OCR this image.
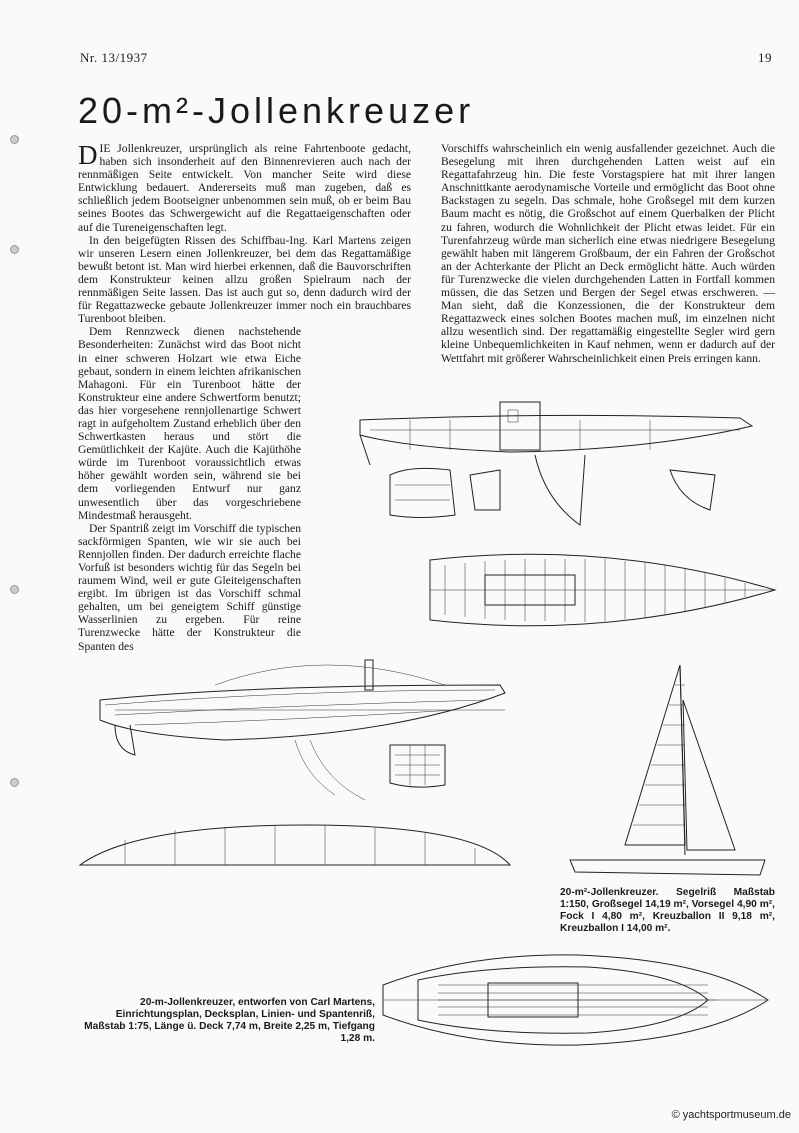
Nr. 13/1937	19
20-m²-Jollenkreuzer

DIE Jollenkreuzer, ursprünglich als reine Fahrtenboote gedacht, haben sich insonderheit auf den Binnenrevieren auch nach der rennmäßigen Seite entwickelt. Von mancher Seite wird diese Entwicklung bedauert. Andererseits muß man zugeben, daß es schließlich jedem Bootseigner unbenommen sein muß, ob er beim Bau seines Bootes das Schwergewicht auf die Regattaeigenschaften oder auf die Tureneigenschaften legt.

In den beigefügten Rissen des Schiffbau-Ing. Karl Martens zeigen wir unseren Lesern einen Jollenkreuzer, bei dem das Regattamäßige bewußt betont ist. Man wird hierbei erkennen, daß die Bauvorschriften dem Konstrukteur keinen allzu großen Spielraum nach der rennmäßigen Seite lassen. Das ist auch gut so, denn dadurch wird der für Regattazwecke gebaute Jollenkreuzer immer noch ein brauchbares Turenboot bleiben.

Dem Rennzweck dienen nachstehende Besonderheiten: Zunächst wird das Boot nicht in einer schweren Holzart wie etwa Eiche gebaut, sondern in einem leichten afrikanischen Mahagoni. Für ein Turenboot hätte der Konstrukteur eine andere Schwertform benutzt; das hier vorgesehene rennjollenartige Schwert ragt in aufgeholtem Zustand erheblich über den Schwertkasten heraus und stört die Gemütlichkeit der Kajüte. Auch die Kajüthöhe würde im Turenboot voraussichtlich etwas höher gewählt worden sein, während sie bei dem vorliegenden Entwurf nur ganz unwesentlich über das vorgeschriebene Mindestmaß herausgeht.

Der Spantriß zeigt im Vorschiff die typischen sackförmigen Spanten, wie wir sie auch bei Rennjollen finden. Der dadurch erreichte flache Vorfuß ist besonders wichtig für das Segeln bei raumem Wind, weil er gute Gleiteigenschaften ergibt. Im übrigen ist das Vorschiff schmal gehalten, um bei geneigtem Schiff günstige Wasserlinien zu ergeben. Für reine Turenzwecke hätte der Konstrukteur die Spanten des

Vorschiffs wahrscheinlich ein wenig ausfallender gezeichnet. Auch die Besegelung mit ihren durchgehenden Latten weist auf ein Regattafahrzeug hin. Die feste Vorstagspiere hat mit ihrer langen Anschnittkante aerodynamische Vorteile und ermöglicht das Boot ohne Backstagen zu segeln. Das schmale, hohe Großsegel mit dem kurzen Baum macht es nötig, die Großschot auf einem Querbalken der Plicht zu fahren, wodurch die Wohnlichkeit der Plicht etwas leidet. Für ein Turenfahrzeug würde man sicherlich eine etwas niedrigere Besegelung gewählt haben mit längerem Großbaum, der ein Fahren der Großschot an der Achterkante der Plicht an Deck ermöglicht hätte. Auch würden für Turenzwecke die vielen durchgehenden Latten in Fortfall kommen müssen, die das Setzen und Bergen der Segel etwas erschweren. — Man sieht, daß die Konzessionen, die der Konstrukteur dem Regattazweck eines solchen Bootes machen muß, im einzelnen nicht allzu wesentlich sind. Der regattamäßig eingestellte Segler wird gern kleine Unbequemlichkeiten in Kauf nehmen, wenn er dadurch auf der Wettfahrt mit größerer Wahrscheinlichkeit einen Preis erringen kann.

20-m²-Jollenkreuzer. Segelriß Maßstab 1:150, Großsegel 14,19 m², Vorsegel 4,90 m², Fock I 4,80 m², Kreuzballon II 9,18 m², Kreuzballon I 14,00 m².
20-m-Jollenkreuzer, entworfen von Carl Martens, Einrichtungsplan, Decksplan, Linien- und Spantenriß, Maßstab 1:75, Länge ü. Deck 7,74 m, Breite 2,25 m, Tiefgang 1,28 m.
© yachtsportmuseum.de
